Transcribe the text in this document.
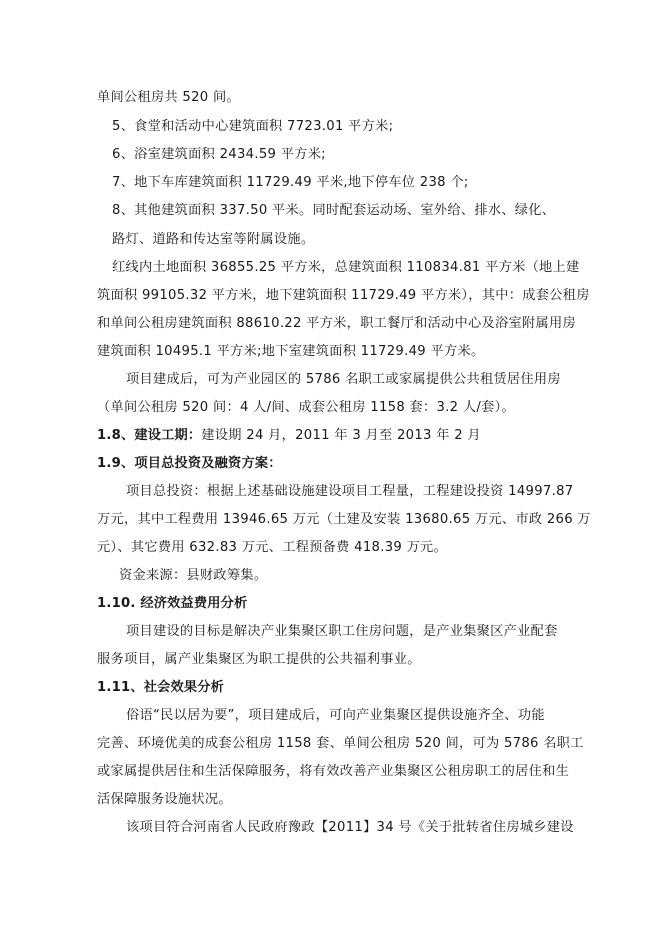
单间公租房共 520 间。
5、食堂和活动中心建筑面积 7723.01 平方米;
6、浴室建筑面积 2434.59 平方米;
7、地下车库建筑面积 11729.49 平米,地下停车位 238 个;
8、其他建筑面积 337.50 平米。同时配套运动场、室外给、排水、绿化、
路灯、道路和传达室等附属设施。
红线内土地面积 36855.25 平方米，总建筑面积 110834.81 平方米（地上建
筑面积 99105.32 平方米，地下建筑面积 11729.49 平方米），其中：成套公租房
和单间公租房建筑面积 88610.22 平方米，职工餐厅和活动中心及浴室附属用房
建筑面积 10495.1 平方米;地下室建筑面积 11729.49 平方米。
项目建成后，可为产业园区的 5786 名职工或家属提供公共租赁居住用房
（单间公租房 520 间：4 人/间、成套公租房 1158 套：3.2 人/套）。
1.8、建设工期：建设期 24 月，2011 年 3 月至 2013 年 2 月
1.9、项目总投资及融资方案：
项目总投资：根据上述基础设施建设项目工程量，工程建设投资 14997.87
万元，其中工程费用 13946.65 万元（土建及安装 13680.65 万元、市政 266 万
元）、其它费用 632.83 万元、工程预备费 418.39 万元。
资金来源：县财政筹集。
1.10. 经济效益费用分析
项目建设的目标是解决产业集聚区职工住房问题，是产业集聚区产业配套
服务项目，属产业集聚区为职工提供的公共福利事业。
1.11、社会效果分析
俗语“民以居为要”，项目建成后，可向产业集聚区提供设施齐全、功能
完善、环境优美的成套公租房 1158 套、单间公租房 520 间，可为 5786 名职工
或家属提供居住和生活保障服务，将有效改善产业集聚区公租房职工的居住和生
活保障服务设施状况。
该项目符合河南省人民政府豫政【2011】34 号《关于批转省住房城乡建设
